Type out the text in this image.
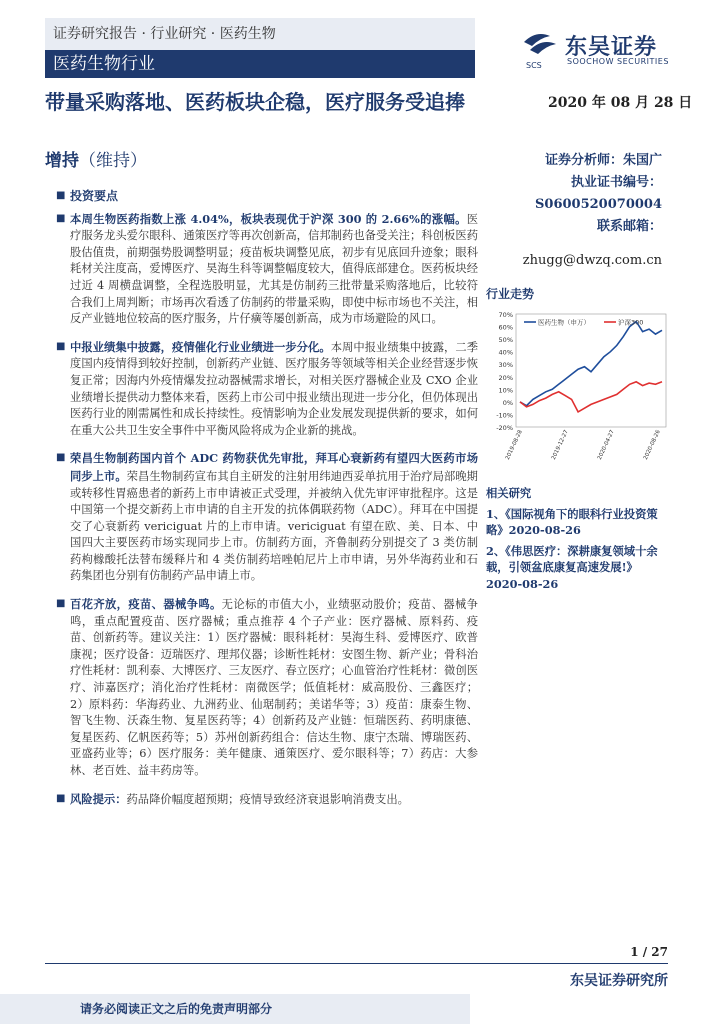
证券研究报告 · 行业研究 · 医药生物
医药生物行业	SCS
东吴证券
SOOCHOW SECURITIES
带量采购落地、医药板块企稳，医疗服务受追捧
增持（维持）
2020 年 08 月 28 日
证券分析师：朱国广
执业证书编号：
S0600520070004
联系邮箱：
zhugg@dwzq.com.cn
■ 投资要点
■ 本周生物医药指数上涨 4.04%，板块表现优于沪深 300 的 2.66%的涨幅。医疗服务龙头爱尔眼科、通策医疗等再次创新高，信邦制药也备受关注；科创板医药股估值贵，前期强势股调整明显；疫苗板块调整见底，初步有见底回升迹象；眼科耗材关注度高，爱博医疗、昊海生科等调整幅度较大，值得底部建仓。医药板块经过近 4 周横盘调整，全程选股明显，尤其是仿制药三批带量采购落地后，比较符合我们上周判断；市场再次看透了仿制药的带量采购，即使中标市场也不关注，相反产业链地位较高的医疗服务，片仔癀等屡创新高，成为市场避险的风口。
■ 中报业绩集中披露，疫情催化行业业绩进一步分化。本周中报业绩集中披露，二季度国内疫情得到较好控制，创新药产业链、医疗服务等领域等相关企业经营逐步恢复正常；因海内外疫情爆发拉动器械需求增长，对相关医疗器械企业及 CXO 企业业绩增长提供动力整体来看，医药上市公司中报业绩出现进一步分化，但仍体现出医药行业的刚需属性和成长持续性。疫情影响为企业发展发现提供新的要求，如何在重大公共卫生安全事件中平衡风险将成为企业新的挑战。
■ 荣昌生物制药国内首个 ADC 药物获优先审批，拜耳心衰新药有望四大医药市场同步上市。荣昌生物制药宣布其自主研发的注射用纬迪西妥单抗用于治疗局部晚期或转移性胃癌患者的新药上市申请被正式受理，并被纳入优先审评审批程序。这是中国第一个提交新药上市申请的自主开发的抗体偶联药物（ADC）。拜耳在中国提交了心衰新药 vericiguat 片的上市申请。vericiguat 有望在欧、美、日本、中国四大主要医药市场实现同步上市。仿制药方面，齐鲁制药分别提交了 3 类仿制药枸橼酸托法替布缓释片和 4 类仿制药培唑帕尼片上市申请，另外华海药业和石药集团也分别有仿制药产品申请上市。
■ 百花齐放，疫苗、器械争鸣。无论标的市值大小，业绩驱动股价；疫苗、器械争鸣，重点配置疫苗、医疗器械；重点推荐 4 个子产业：医疗器械、原料药、疫苗、创新药等。建议关注：1）医疗器械：眼科耗材：昊海生科、爱博医疗、欧普康视；医疗设备：迈瑞医疗、理邦仪器；诊断性耗材：安图生物、新产业；骨科治疗性耗材：凯利泰、大博医疗、三友医疗、春立医疗；心血管治疗性耗材：微创医疗、沛嘉医疗；消化治疗性耗材：南微医学；低值耗材：威高股份、三鑫医疗；2）原料药：华海药业、九洲药业、仙琚制药；美诺华等；3）疫苗：康泰生物、智飞生物、沃森生物、复星医药等；4）创新药及产业链：恒瑞医药、药明康德、复星医药、亿帆医药等；5）苏州创新药组合：信达生物、康宁杰瑞、博瑞医药、亚盛药业等；6）医疗服务：美年健康、通策医疗、爱尔眼科等；7）药店：大参林、老百姓、益丰药房等。
■ 风险提示：药品降价幅度超预期；疫情导致经济衰退影响消费支出。
行业走势
70%
60%
50%
40%
30%
20%
10%
0%
-10%
-20%
2019-08-28	2019-12-27	2020-04-27	2020-08-26
医药生物（申万）	沪深300
相关研究
1、《国际视角下的眼科行业投资策略》2020-08-26
2、《伟思医疗：深耕康复领域十余载，引领盆底康复高速发展!》2020-08-26
1 / 27
东吴证券研究所
请务必阅读正文之后的免责声明部分
